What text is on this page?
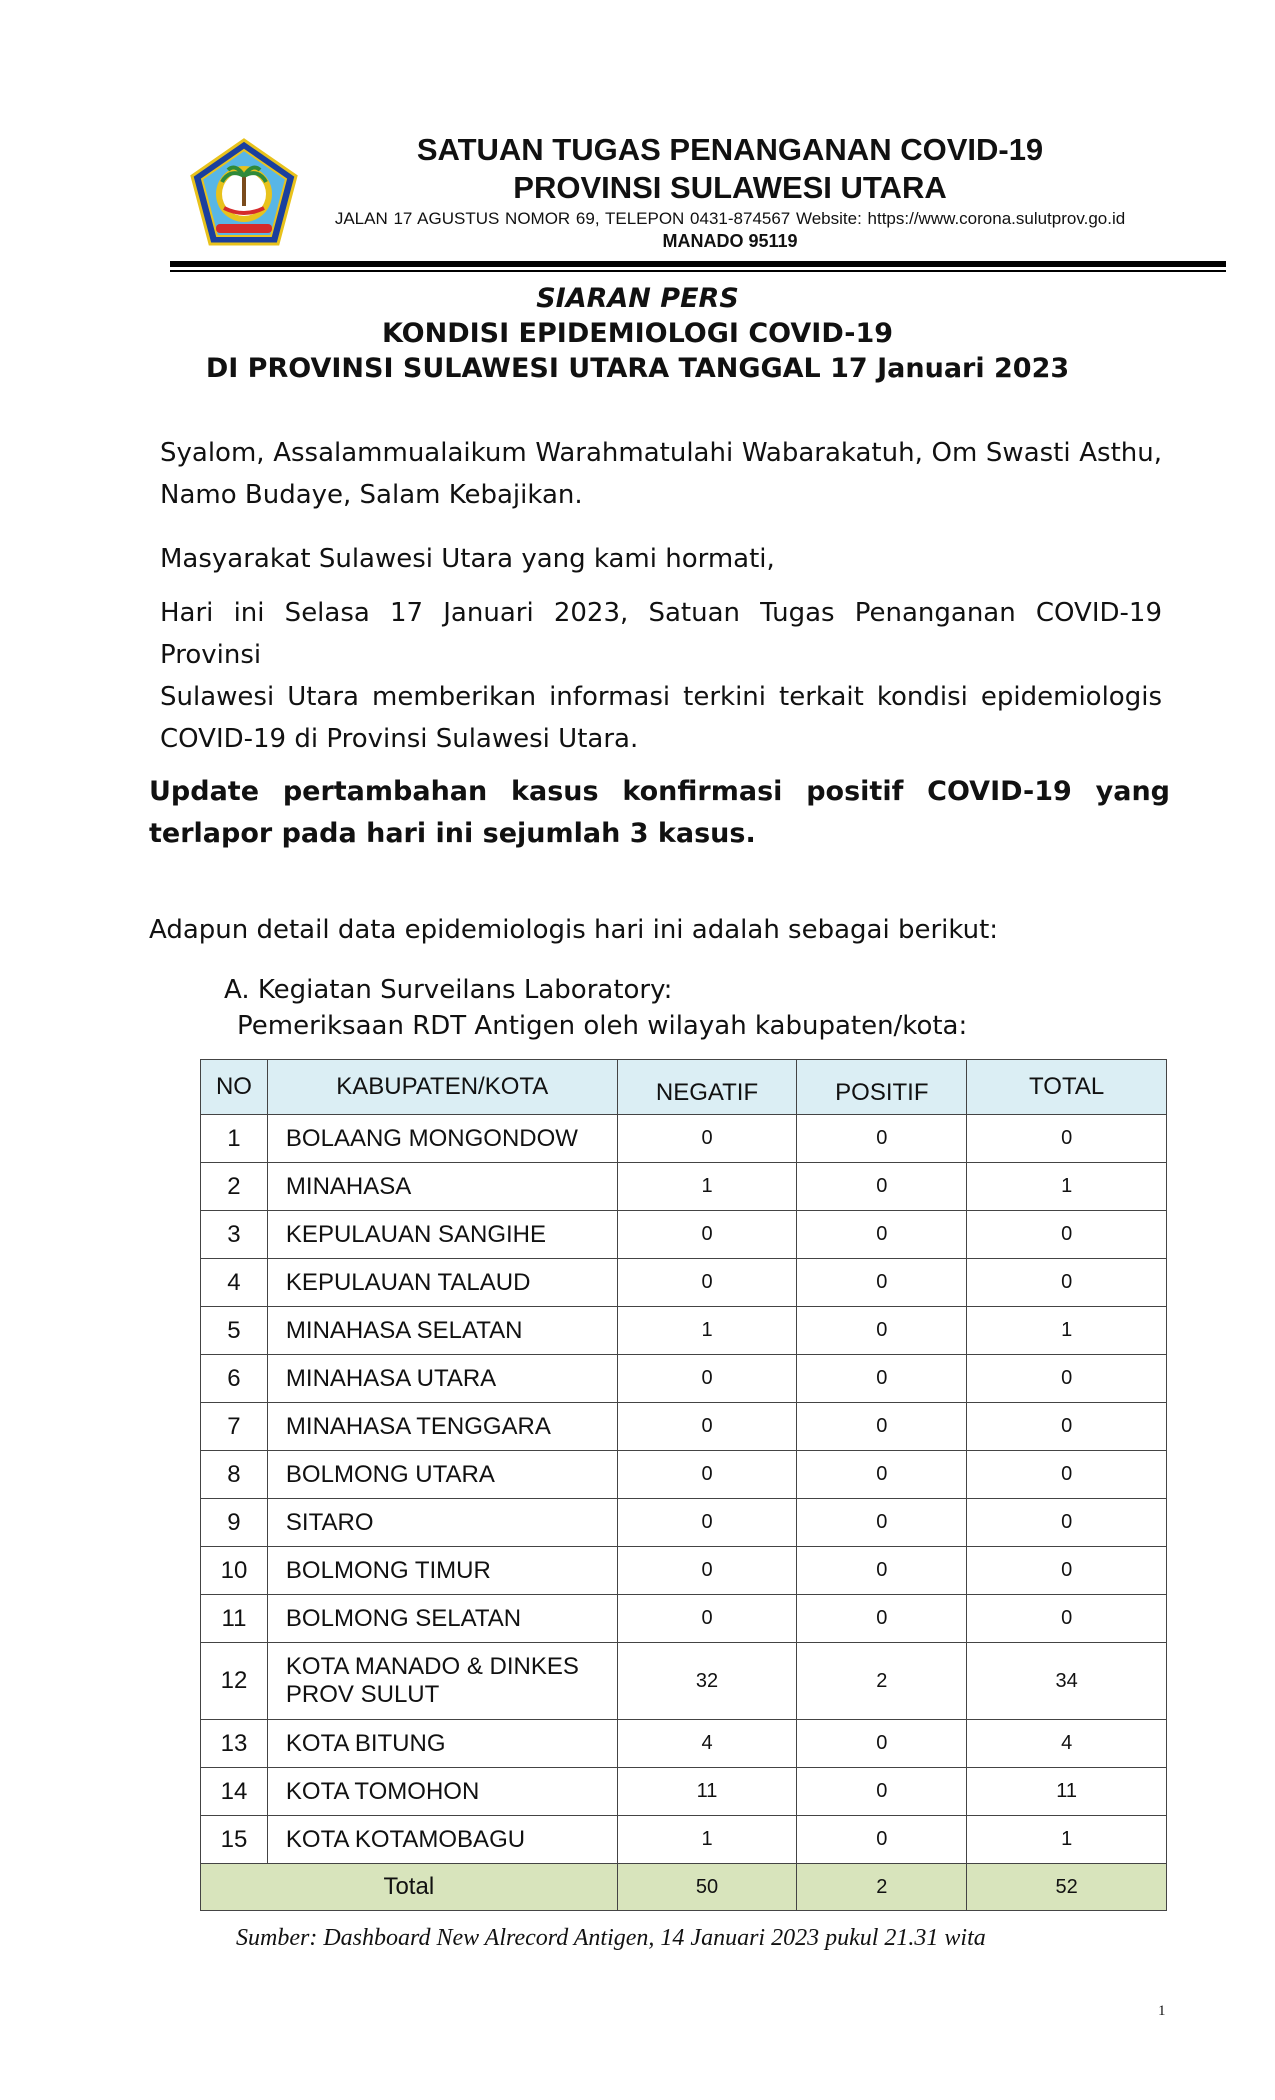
SATUAN TUGAS PENANGANAN COVID-19
PROVINSI SULAWESI UTARA
JALAN 17 AGUSTUS NOMOR 69, TELEPON 0431-874567 Website: https://www.corona.sulutprov.go.id
MANADO 95119
SIARAN PERS
KONDISI EPIDEMIOLOGI COVID-19
DI PROVINSI SULAWESI UTARA TANGGAL 17 Januari 2023
Syalom, Assalammualaikum Warahmatulahi Wabarakatuh, Om Swasti Asthu,
Namo Budaye, Salam Kebajikan.
Masyarakat Sulawesi Utara yang kami hormati,
Hari ini Selasa 17 Januari 2023, Satuan Tugas Penanganan COVID-19 Provinsi
Sulawesi Utara memberikan informasi terkini terkait kondisi epidemiologis
COVID-19 di Provinsi Sulawesi Utara.
Update pertambahan kasus konfirmasi positif COVID-19 yang
terlapor pada hari ini sejumlah 3 kasus.
Adapun detail data epidemiologis hari ini adalah sebagai berikut:
A. Kegiatan Surveilans Laboratory:
Pemeriksaan RDT Antigen oleh wilayah kabupaten/kota:
NO	KABUPATEN/KOTA	NEGATIF	POSITIF	TOTAL
1	BOLAANG MONGONDOW	0	0	0
2	MINAHASA	1	0	1
3	KEPULAUAN SANGIHE	0	0	0
4	KEPULAUAN TALAUD	0	0	0
5	MINAHASA SELATAN	1	0	1
6	MINAHASA UTARA	0	0	0
7	MINAHASA TENGGARA	0	0	0
8	BOLMONG UTARA	0	0	0
9	SITARO	0	0	0
10	BOLMONG TIMUR	0	0	0
11	BOLMONG SELATAN	0	0	0
12	KOTA MANADO & DINKES PROV SULUT	32	2	34
13	KOTA BITUNG	4	0	4
14	KOTA TOMOHON	11	0	11
15	KOTA KOTAMOBAGU	1	0	1
Total		50	2	52
Sumber: Dashboard New Alrecord Antigen, 14 Januari 2023 pukul 21.31 wita
1
